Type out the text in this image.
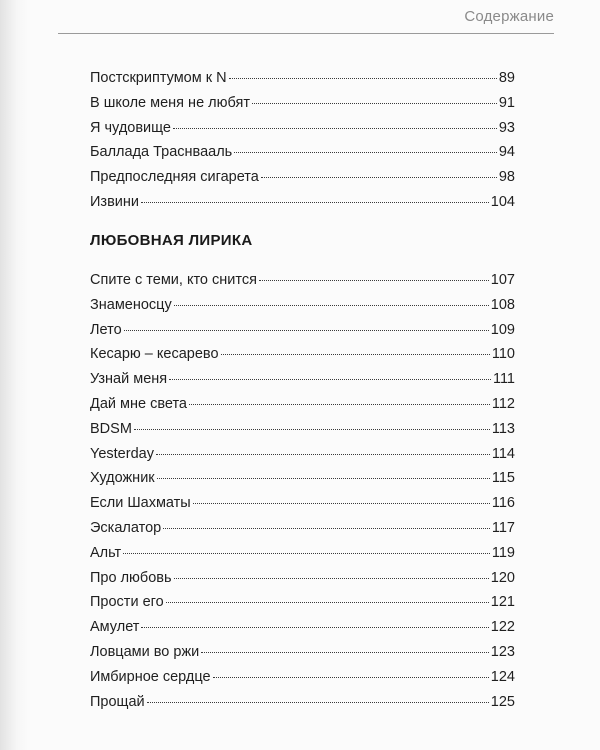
Содержание
Постскриптумом к N	89
В школе меня не любят	91
Я чудовище	93
Баллада Траснвааль	94
Предпоследняя сигарета	98
Извини	104
ЛЮБОВНАЯ ЛИРИКА
Спите с теми, кто снится	107
Знаменосцу	108
Лето	109
Кесарю – кесарево	110
Узнай меня	111
Дай мне света	112
BDSM	113
Yesterday	114
Художник	115
Если Шахматы	116
Эскалатор	117
Альт	119
Про любовь	120
Прости его	121
Амулет	122
Ловцами во ржи	123
Имбирное сердце	124
Прощай	125
